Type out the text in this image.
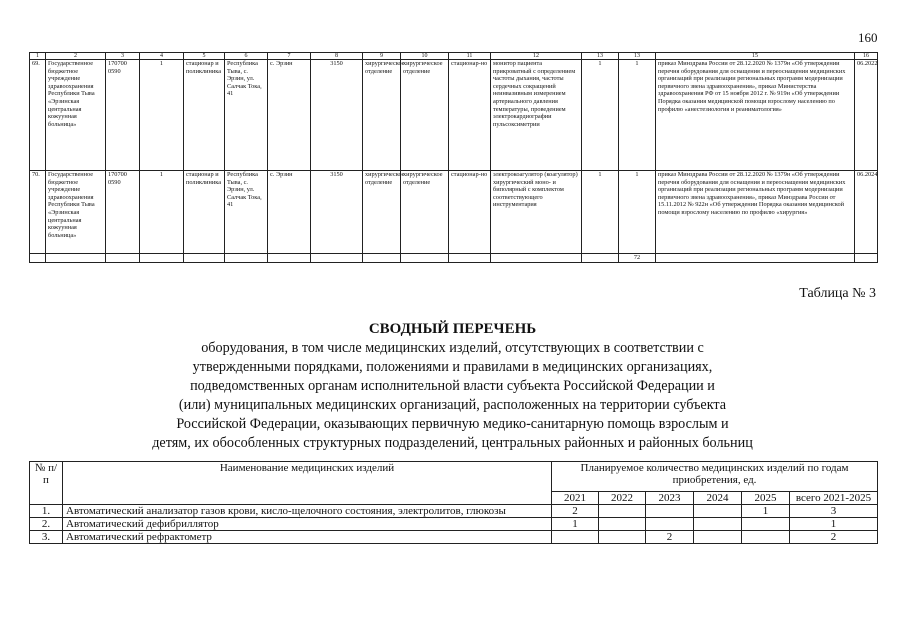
160
1	2	3	4	5	6	7	8	9	10	11	12	13	13	15	16
69.	Государственное бюджетное учреждение здравоохранения Республики Тыва «Эрзинская центральная кожуунная больница»	170700 0590	1	стационар и поликлиника	Республика Тыва, с. Эрзин, ул. Салчак Тока, 41	с. Эрзин	3150	хирургическое отделение	хирургическое отделение	стационар-но	монитор пациента прикроватный с определением частоты дыхания, частоты сердечных сокращений неинвазивным измерением артериального давления температуры, проведением электрокардиографии пульсоксиметрии	1	1	приказ Минздрава России от 28.12.2020 № 1379н «Об утверждении перечня оборудования для оснащения и переоснащения медицинских организаций при реализации региональных программ модернизации первичного звена здравоохранения», приказ Министерства здравоохранения РФ от 15 ноября 2012 г. № 919н «Об утверждении Порядка оказания медицинской помощи взрослому населению по профилю «анестезиология и реаниматология»	06.2022
70.	Государственное бюджетное учреждение здравоохранения Республики Тыва «Эрзинская центральная кожуунная больница»	170700 0590	1	стационар и поликлиника	Республика Тыва, с. Эрзин, ул. Салчак Тока, 41	с. Эрзин	3150	хирургическое отделение	хирургическое отделение	стационар-но	электрокоагулятор (коагулятор) хирургический моно- и биполярный с комплектом соответствующего инструментария	1	1	приказ Минздрава России от 28.12.2020 № 1379н «Об утверждении перечня оборудования для оснащения и переоснащения медицинских организаций при реализации региональных программ модернизации первичного звена здравоохранения», приказ Минздрава России от 15.11.2012 № 922н «Об утверждении Порядка оказания медицинской помощи взрослому населению по профилю «хирургия»	06.2024
													72		
Таблица № 3
СВОДНЫЙ ПЕРЕЧЕНЬ
оборудования, в том числе медицинских изделий, отсутствующих в соответствии с
утвержденными порядками, положениями и правилами в медицинских организациях,
подведомственных органам исполнительной власти субъекта Российской Федерации и
(или) муниципальных медицинских организаций, расположенных на территории субъекта
Российской Федерации, оказывающих первичную медико-санитарную помощь взрослым и
детям, их обособленных структурных подразделений, центральных районных и районных больниц
№ п/п	Наименование медицинских изделий	Планируемое количество медицинских изделий по годам приобретения, ед.					
		2021	2022	2023	2024	2025	всего 2021-2025
1.	Автоматический анализатор газов крови, кисло-щелочного состояния, электролитов, глюкозы	2				1	3
2.	Автоматический дефибриллятор	1					1
3.	Автоматический рефрактометр			2			2
